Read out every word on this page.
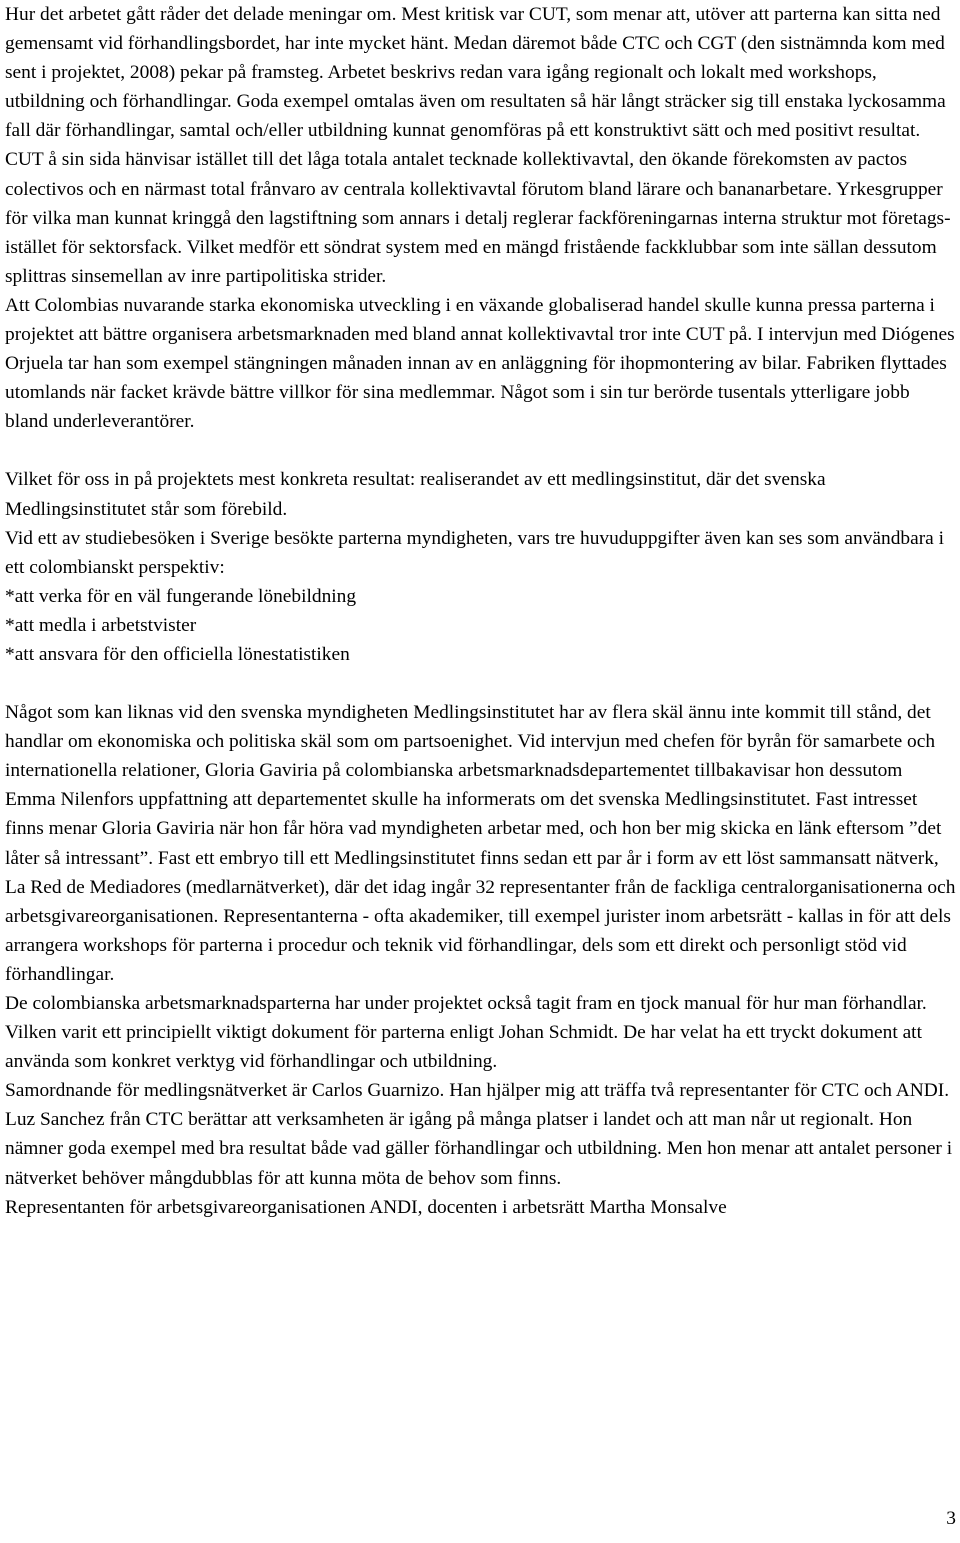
Hur det arbetet gått råder det delade meningar om. Mest kritisk var CUT, som menar att, utöver att parterna kan sitta ned gemensamt vid förhandlingsbordet, har inte mycket hänt. Medan däremot både CTC och CGT (den sistnämnda kom med sent i projektet, 2008) pekar på framsteg. Arbetet beskrivs redan vara igång regionalt och lokalt med workshops, utbildning och förhandlingar. Goda exempel omtalas även om resultaten så här långt sträcker sig till enstaka lyckosamma fall där förhandlingar, samtal och/eller utbildning kunnat genomföras på ett konstruktivt sätt och med positivt resultat. CUT å sin sida hänvisar istället till det låga totala antalet tecknade kollektivavtal, den ökande förekomsten av pactos colectivos och en närmast total frånvaro av centrala kollektivavtal förutom bland lärare och bananarbetare. Yrkesgrupper för vilka man kunnat kringgå den lagstiftning som annars i detalj reglerar fackföreningarnas interna struktur mot företags- istället för sektorsfack. Vilket medför ett söndrat system med en mängd fristående fackklubbar som inte sällan dessutom splittras sinsemellan av inre partipolitiska strider.

Att Colombias nuvarande starka ekonomiska utveckling i en växande globaliserad handel skulle kunna pressa parterna i projektet att bättre organisera arbetsmarknaden med bland annat kollektivavtal tror inte CUT på. I intervjun med Diógenes Orjuela tar han som exempel stängningen månaden innan av en anläggning för ihopmontering av bilar. Fabriken flyttades utomlands när facket krävde bättre villkor för sina medlemmar. Något som i sin tur berörde tusentals ytterligare jobb bland underleverantörer.

Vilket för oss in på projektets mest konkreta resultat: realiserandet av ett medlingsinstitut, där det svenska Medlingsinstitutet står som förebild.

Vid ett av studiebesöken i Sverige besökte parterna myndigheten, vars tre huvuduppgifter även kan ses som användbara i ett colombianskt perspektiv:

*att verka för en väl fungerande lönebildning

*att medla i arbetstvister

*att ansvara för den officiella lönestatistiken

Något som kan liknas vid den svenska myndigheten Medlingsinstitutet har av flera skäl ännu inte kommit till stånd, det handlar om ekonomiska och politiska skäl som om partsoenighet. Vid intervjun med chefen för byrån för samarbete och internationella relationer, Gloria Gaviria på colombianska arbetsmarknadsdepartementet tillbakavisar hon dessutom Emma Nilenfors uppfattning att departementet skulle ha informerats om det svenska Medlingsinstitutet. Fast intresset finns menar Gloria Gaviria när hon får höra vad myndigheten arbetar med, och hon ber mig skicka en länk eftersom ”det låter så intressant”. Fast ett embryo till ett Medlingsinstitutet finns sedan ett par år i form av ett löst sammansatt nätverk, La Red de Mediadores (medlarnätverket), där det idag ingår 32 representanter från de fackliga centralorganisationerna och arbetsgivareorganisationen. Representanterna - ofta akademiker, till exempel jurister inom arbetsrätt - kallas in för att dels arrangera workshops för parterna i procedur och teknik vid förhandlingar, dels som ett direkt och personligt stöd vid förhandlingar.

De colombianska arbetsmarknadsparterna har under projektet också tagit fram en tjock manual för hur man förhandlar. Vilken varit ett principiellt viktigt dokument för parterna enligt Johan Schmidt. De har velat ha ett tryckt dokument att använda som konkret verktyg vid förhandlingar och utbildning.

Samordnande för medlingsnätverket är Carlos Guarnizo. Han hjälper mig att träffa två representanter för CTC och ANDI. Luz Sanchez från CTC berättar att verksamheten är igång på många platser i landet och att man når ut regionalt. Hon nämner goda exempel med bra resultat både vad gäller förhandlingar och utbildning. Men hon menar att antalet personer i nätverket behöver mångdubblas för att kunna möta de behov som finns.

Representanten för arbetsgivareorganisationen ANDI, docenten i arbetsrätt Martha Monsalve

3
